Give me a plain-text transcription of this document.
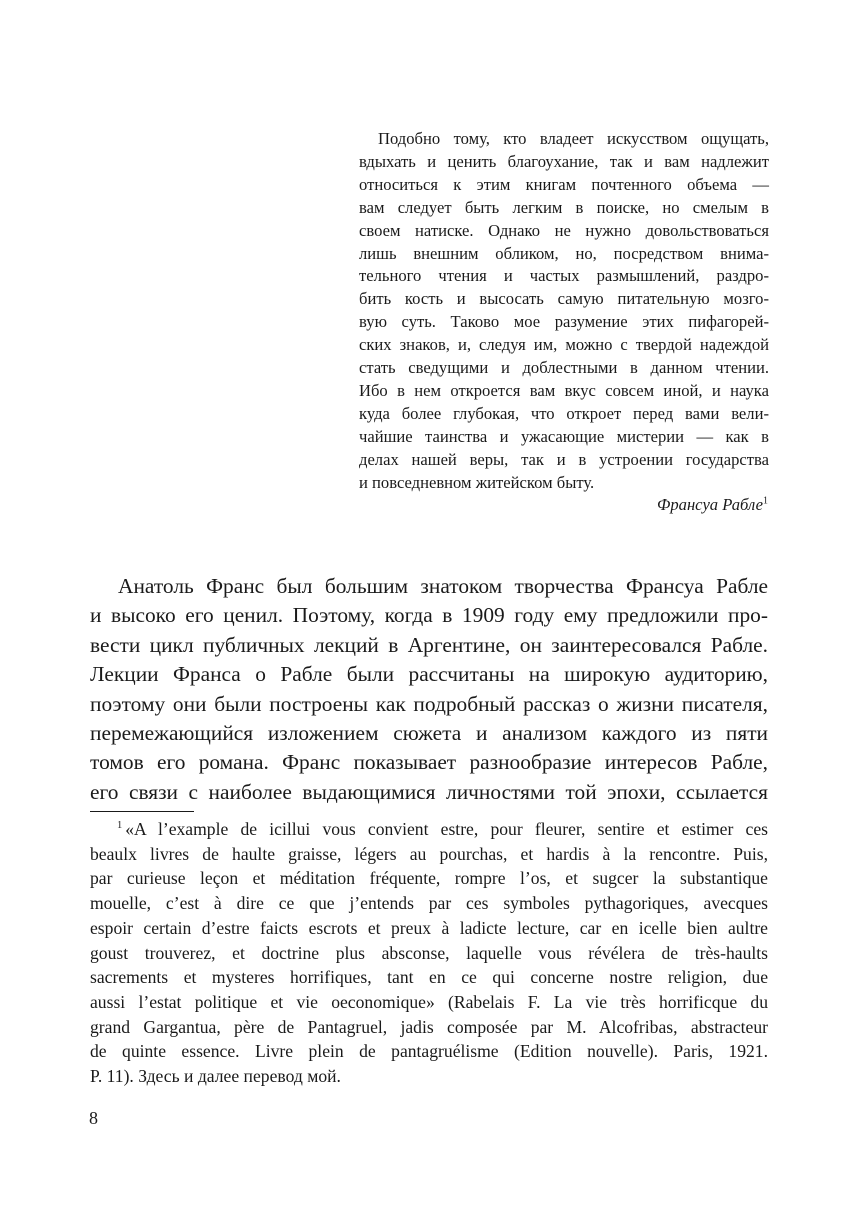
Подобно тому, кто владеет искусством ощущать,
вдыхать и ценить благоухание, так и вам надлежит
относиться к этим книгам почтенного объема —
вам следует быть легким в поиске, но смелым в
своем натиске. Однако не нужно довольствоваться
лишь внешним обликом, но, посредством внима-
тельного чтения и частых размышлений, раздро-
бить кость и высосать самую питательную мозго-
вую суть. Таково мое разумение этих пифагорей-
ских знаков, и, следуя им, можно с твердой надеждой
стать сведущими и доблестными в данном чтении.
Ибо в нем откроется вам вкус совсем иной, и наука
куда более глубокая, что откроет перед вами вели-
чайшие таинства и ужасающие мистерии — как в
делах нашей веры, так и в устроении государства
и повседневном житейском быту.
Франсуа Рабле$^1$
Анатоль Франс был большим знатоком творчества Франсуа Рабле
и высоко его ценил. Поэтому, когда в 1909 году ему предложили про-
вести цикл публичных лекций в Аргентине, он заинтересовался Рабле.
Лекции Франса о Рабле были рассчитаны на широкую аудиторию,
поэтому они были построены как подробный рассказ о жизни писателя,
перемежающийся изложением сюжета и анализом каждого из пяти
томов его романа. Франс показывает разнообразие интересов Рабле,
его связи с наиболее выдающимися личностями той эпохи, ссылается
$^1$ «A l’example de icillui vous convient estre, pour fleurer, sentire et estimer ces
beaulx livres de haulte graisse, légers au pourchas, et hardis à la rencontre. Puis,
par curieuse leçon et méditation fréquente, rompre l’os, et sugcer la substantique
mouelle, c’est à dire ce que j’entends par ces symboles pythagoriques, avecques
espoir certain d’estre faicts escrots et preux à ladicte lecture, car en icelle bien aultre
goust trouverez, et doctrine plus absconse, laquelle vous révélera de très-haults
sacrements et mysteres horrifiques, tant en ce qui concerne nostre religion, due
aussi l’estat politique et vie oeconomique» (Rabelais F. La vie très horrificque du
grand Gargantua, père de Pantagruel, jadis composée par M. Alcofribas, abstracteur
de quinte essence. Livre plein de pantagruélisme (Edition nouvelle). Paris, 1921.
P. 11). Здесь и далее перевод мой.
8
